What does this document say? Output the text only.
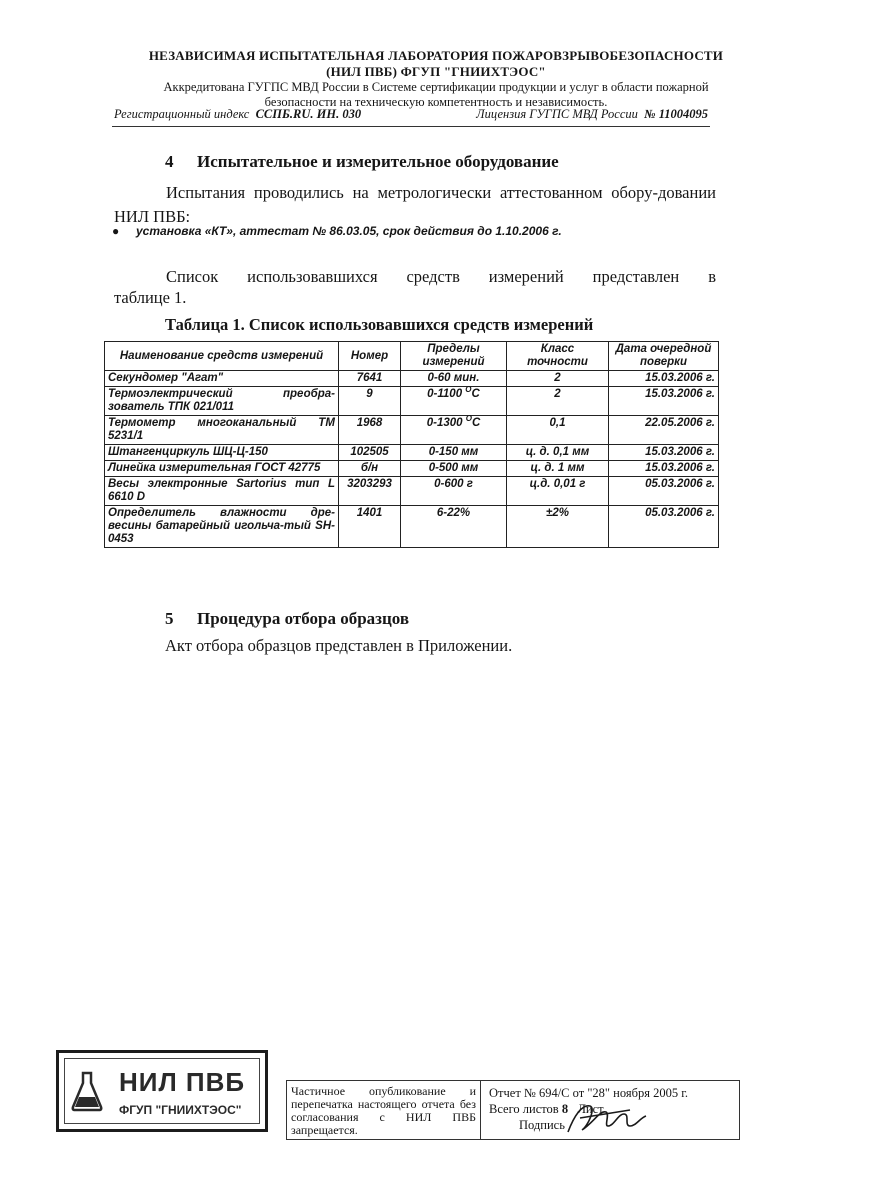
НЕЗАВИСИМАЯ ИСПЫТАТЕЛЬНАЯ ЛАБОРАТОРИЯ ПОЖАРОВЗРЫВОБЕЗОПАСНОСТИ
(НИЛ ПВБ) ФГУП "ГНИИХТЭОС"
Аккредитована ГУГПС МВД России в Системе сертификации продукции и услуг в области пожарной
безопасности на техническую компетентность и независимость.
Регистрационный индекс ССПБ.RU. ИН. 030	Лицензия ГУГПС МВД России № 11004095
4 Испытательное и измерительное оборудование
Испытания проводились на метрологически аттестованном обору-довании НИЛ ПВБ:
● установка «КТ», аттестат № 86.03.05, срок действия до 1.10.2006 г.
Список использовавшихся средств измерений представлен в
таблице 1.
Таблица 1. Список использовавшихся средств измерений
Наименование средств измерений	Номер	Пределы измерений	Класс точности	Дата очередной поверки
Секундомер "Агат"	7641	0-60 мин.	2	15.03.2006 г.
Термоэлектрический преобра-зователь ТПК 021/011	9	0-1100 $^О$С	2	15.03.2006 г.
Термометр многоканальный ТМ 5231/1	1968	0-1300 $^О$С	0,1	22.05.2006 г.
Штангенциркуль ШЦ-Ц-150	102505	0-150 мм	ц. д. 0,1 мм	15.03.2006 г.
Линейка измерительная ГОСТ 42775	б/н	0-500 мм	ц. д. 1 мм	15.03.2006 г.
Весы электронные Sartorius тип L 6610 D	3203293	0-600 г	ц.д. 0,01 г	05.03.2006 г.
Определитель влажности дре-весины батарейный игольча-тый SH-0453	1401	6-22%	±2%	05.03.2006 г.
5 Процедура отбора образцов
Акт отбора образцов представлен в Приложении.
НИЛ ПВБ
ФГУП "ГНИИХТЭОС"
Частичное опубликование и перепечатка настоящего отчета без согласования с НИЛ ПВБ запрещается.
Отчет № 694/С от "28" ноября 2005 г.
Всего листов 8 Лист
Подпись
